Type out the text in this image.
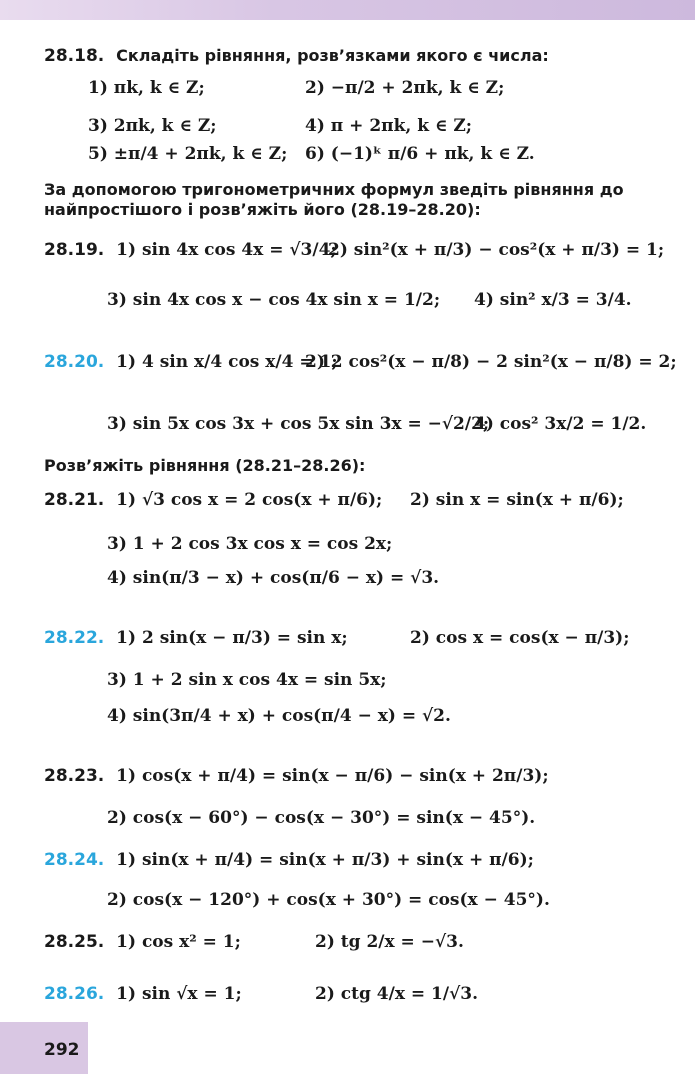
28.18. Складіть рівняння, розв’язками якого є числа:
1) πk, k ∈ Z;	2) −π/2 + 2πk, k ∈ Z;
3) 2πk, k ∈ Z;	4) π + 2πk, k ∈ Z;
5) ±π/4 + 2πk, k ∈ Z; 6) (−1)ᵏ π/6 + πk, k ∈ Z.
За допомогою тригонометричних формул зведіть рівняння до
найпростішого і розв’яжіть його (28.19–28.20):
28.19. 1) sin 4x cos 4x = √3/4;
2) sin²(x + π/3) − cos²(x + π/3) = 1;
3) sin 4x cos x − cos 4x sin x = 1/2; 4) sin² x/3 = 3/4.
28.20. 1) 4 sin x/4 cos x/4 = 1;
2) 2 cos²(x − π/8) − 2 sin²(x − π/8) = 2;
3) sin 5x cos 3x + cos 5x sin 3x = −√2/2;
4) cos² 3x/2 = 1/2.
Розв’яжіть рівняння (28.21–28.26):
28.21. 1) √3 cos x = 2 cos(x + π/6); 2) sin x = sin(x + π/6);
3) 1 + 2 cos 3x cos x = cos 2x;
4) sin(π/3 − x) + cos(π/6 − x) = √3.
28.22. 1) 2 sin(x − π/3) = sin x;	2) cos x = cos(x − π/3);
3) 1 + 2 sin x cos 4x = sin 5x;
4) sin(3π/4 + x) + cos(π/4 − x) = √2.
28.23. 1) cos(x + π/4) = sin(x − π/6) − sin(x + 2π/3);
2) cos(x − 60°) − cos(x − 30°) = sin(x − 45°).
28.24. 1) sin(x + π/4) = sin(x + π/3) + sin(x + π/6);
2) cos(x − 120°) + cos(x + 30°) = cos(x − 45°).
28.25. 1) cos x² = 1;	2) tg 2/x = −√3.
28.26. 1) sin √x = 1;	2) ctg 4/x = 1/√3.
292
